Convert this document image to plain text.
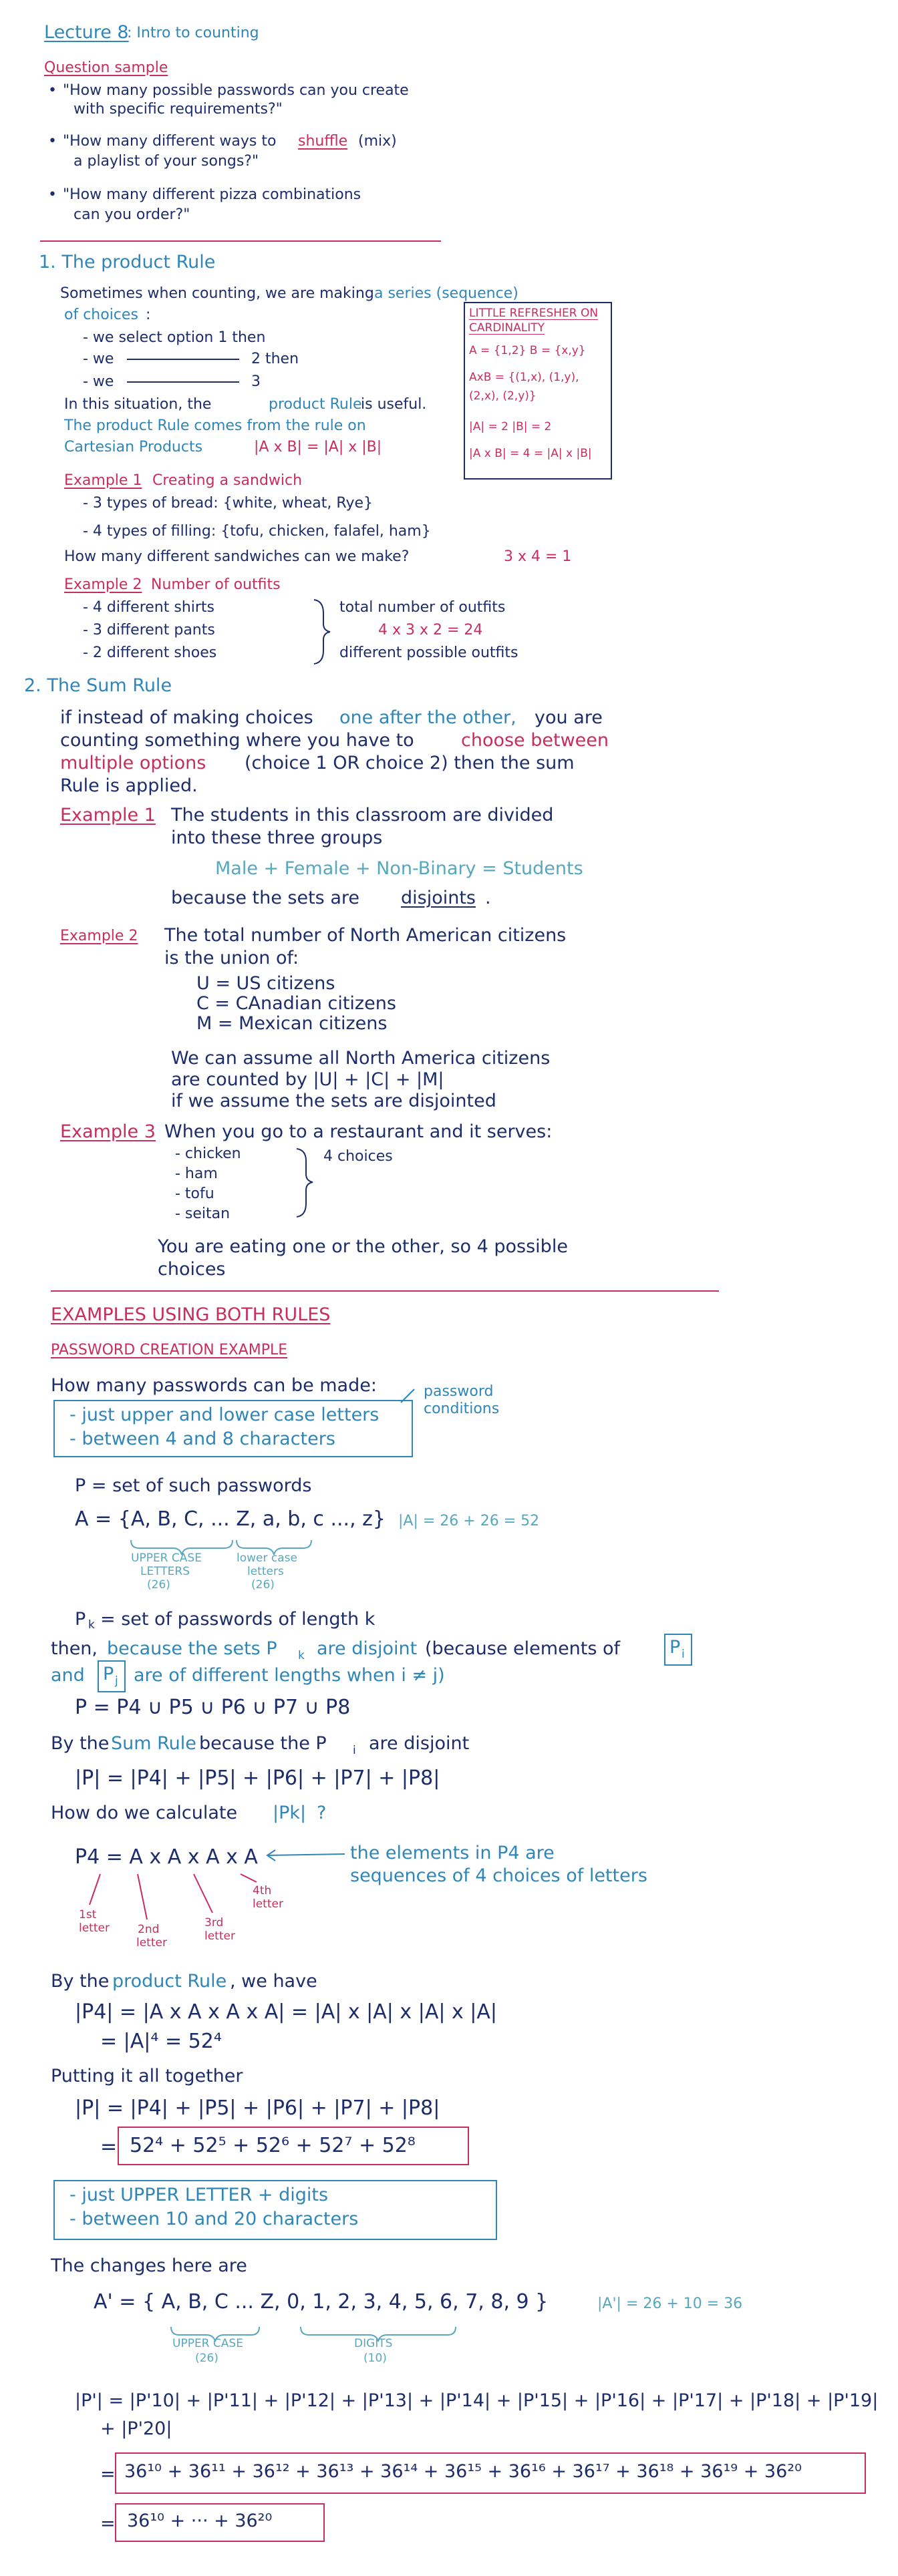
Lecture 8
: Intro to counting
Question sample
• "How many possible passwords can you create
with specific requirements?"
• "How many different ways to shuffle (mix)
a playlist of your songs?"
• "How many different pizza combinations
can you order?"
1. The product Rule
Sometimes when counting, we are making a series (sequence)
of choices :
- we select option 1 then
- we	2 then
- we	3
In this situation, the	product Rule
is useful.
The product Rule comes from the rule on
Cartesian Products	|A x B| = |A| x |B|
LITTLE REFRESHER ON
CARDINALITY
A = {1,2} B = {x,y}
AxB = {(1,x), (1,y),
(2,x), (2,y)}
|A| = 2 |B| = 2
|A x B| = 4 = |A| x |B|
Example 1 Creating a sandwich
- 3 types of bread: {white, wheat, Rye}
- 4 types of filling: {tofu, chicken, falafel, ham}
How many different sandwiches can we make?	3 x 4 = 1
Example 2 Number of outfits
- 4 different shirts
- 3 different pants
- 2 different shoes
total number of outfits
4 x 3 x 2 = 24
different possible outfits
2. The Sum Rule
if instead of making choices one after the other, you are
counting something where you have to	choose between
multiple options (choice 1 OR choice 2) then the sum
Rule is applied.
Example 1 The students in this classroom are divided
into these three groups
Male + Female + Non-Binary = Students
because the sets are disjoints .
Example 2 The total number of North American citizens
is the union of:
U = US citizens
C = CAnadian citizens
M = Mexican citizens
We can assume all North America citizens
are counted by |U| + |C| + |M|
if we assume the sets are disjointed
Example 3 When you go to a restaurant and it serves:
- chicken
- ham
- tofu
- seitan
4 choices
You are eating one or the other, so 4 possible
choices
EXAMPLES USING BOTH RULES
PASSWORD CREATION EXAMPLE
How many passwords can be made:
- just upper and lower case letters
- between 4 and 8 characters
password
conditions
P = set of such passwords
A = {A, B, C, ... Z, a, b, c ..., z} |A| = 26 + 26 = 52
UPPER CASE
LETTERS
(26)
lower case
letters
(26)
P k = set of passwords of length k
then, because the sets P k are disjoint (because elements of	P i
and P j are of different lengths when i ≠ j)
P = P4 ∪ P5 ∪ P6 ∪ P7 ∪ P8
By the Sum Rule because the P i are disjoint
|P| = |P4| + |P5| + |P6| + |P7| + |P8|
How do we calculate |Pk| ?
P4 = A x A x A x A	the elements in P4 are
sequences of 4 choices of letters
1st
letter 2nd
letter
3rd
letter
4th
letter
By the product Rule , we have
|P4| = |A x A x A x A| = |A| x |A| x |A| x |A|
= |A|⁴ = 52⁴
Putting it all together
|P| = |P4| + |P5| + |P6| + |P7| + |P8|
= 52⁴ + 52⁵ + 52⁶ + 52⁷ + 52⁸
- just UPPER LETTER + digits
- between 10 and 20 characters
The changes here are
A' = { A, B, C ... Z, 0, 1, 2, 3, 4, 5, 6, 7, 8, 9 }	|A'| = 26 + 10 = 36
UPPER CASE
(26)
DIGITS
(10)
|P'| = |P'10| + |P'11| + |P'12| + |P'13| + |P'14| + |P'15| + |P'16| + |P'17| + |P'18| + |P'19|
+ |P'20|
= 36¹⁰ + 36¹¹ + 36¹² + 36¹³ + 36¹⁴ + 36¹⁵ + 36¹⁶ + 36¹⁷ + 36¹⁸ + 36¹⁹ + 36²⁰
= 36¹⁰ + ··· + 36²⁰
